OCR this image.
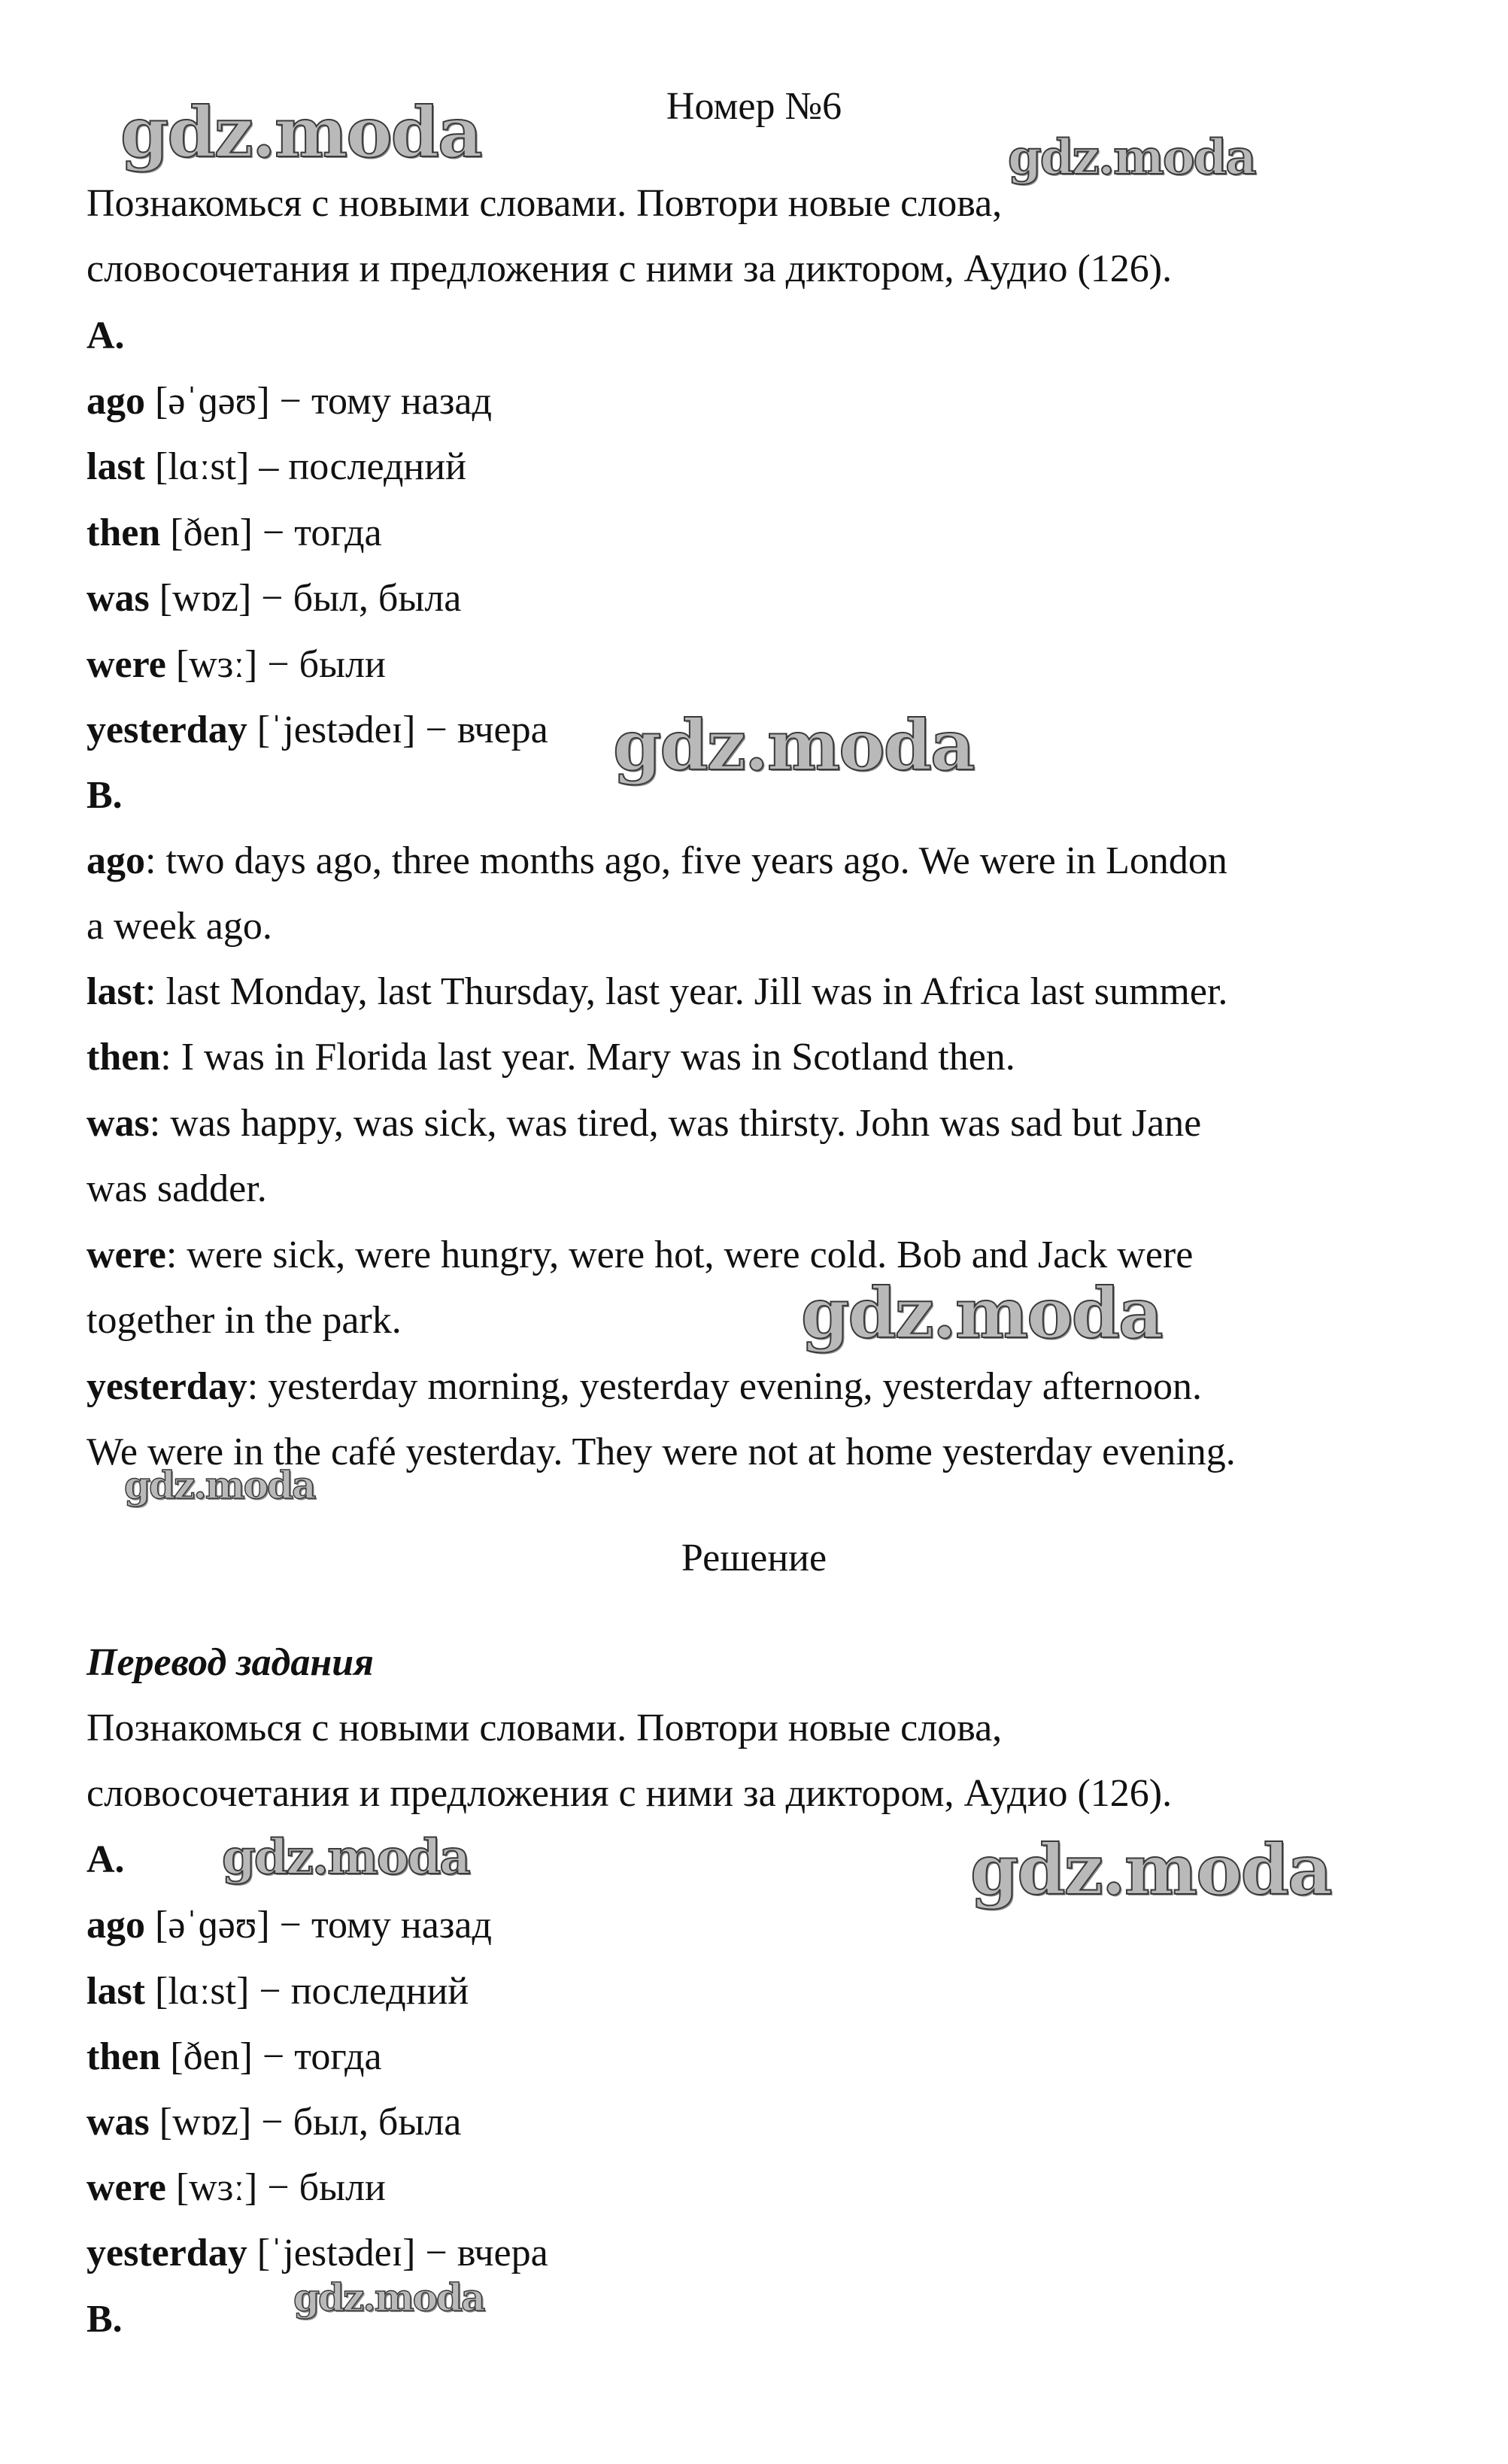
Номер №6

Познакомься с новыми словами. Повтори новые слова,

словосочетания и предложения с ними за диктором, Аудио (126).

A.

ago [əˈɡəʊ] − тому назад

last [lɑːst] – последний

then [ðen] − тогда

was [wɒz] − был, была

were [wɜː] − были

yesterday [ˈjestədeɪ] − вчера

B.

ago: two days ago, three months ago, five years ago. We were in London

a week ago.

last: last Monday, last Thursday, last year. Jill was in Africa last summer.

then: I was in Florida last year. Mary was in Scotland then.

was: was happy, was sick, was tired, was thirsty. John was sad but Jane

was sadder.

were: were sick, were hungry, were hot, were cold. Bob and Jack were

together in the park.

yesterday: yesterday morning, yesterday evening, yesterday afternoon.

We were in the café yesterday. They were not at home yesterday evening.

Решение

Перевод задания

Познакомься с новыми словами. Повтори новые слова,

словосочетания и предложения с ними за диктором, Аудио (126).

A.

ago [əˈɡəʊ] − тому назад

last [lɑːst] − последний

then [ðen] − тогда

was [wɒz] − был, была

were [wɜː] − были

yesterday [ˈjestədeɪ] − вчера

B.

gdz.moda	gdz.moda
gdz.moda
gdz.moda
gdz.moda
gdz.moda	gdz.moda
gdz.moda
